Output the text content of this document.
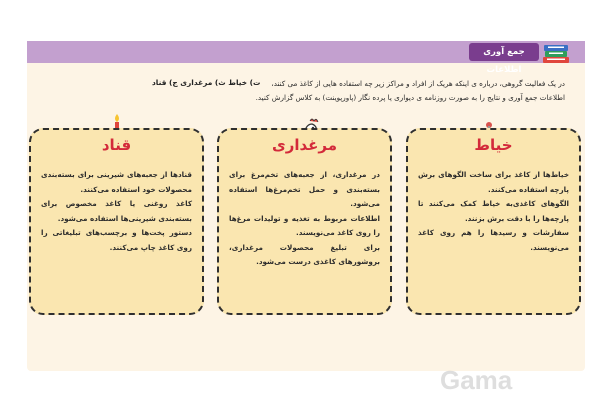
جمع آوری اطلاعات
در یک فعالیت گروهی، درباره ی اینکه هریک از افراد و مراکز زیر چه استفاده هایی از کاغذ می کنند،
اطلاعات جمع آوری و نتایج را به صورت روزنامه ی دیواری یا پرده نگار (پاورپوینت) به کلاس گزارش کنید.
ت) خیاط ث) مرغداری ج) قناد
خیاط

خیاط‌ها از کاغذ برای ساخت الگوهای برش پارچه استفاده می‌کنند.

الگوهای کاغذی‌به خیاط کمک می‌کنند تا پارچه‌ها را با دقت برش بزنند.

سفارشات و رسیدها را هم روی کاغذ می‌نویسند.

مرغداری

در مرغداری، از جعبه‌های تخم‌مرغ برای بسته‌بندی و حمل تخم‌مرغ‌ها استفاده می‌شود.

اطلاعات مربوط به تغذیه و تولیدات مرغ‌ها را روی کاغذ می‌نویسند.

برای تبلیغ محصولات مرغداری، بروشورهای کاغذی درست می‌شود.

قناد

قنادها از جعبه‌های شیرینی برای بسته‌بندی محصولات خود استفاده می‌کنند.

کاغذ روغنی یا کاغذ مخصوص برای بسته‌بندی شیرینی‌ها استفاده می‌شود.

دستور پخت‌ها و برچسب‌های تبلیغاتی را روی کاغذ چاپ می‌کنند.

Gama
